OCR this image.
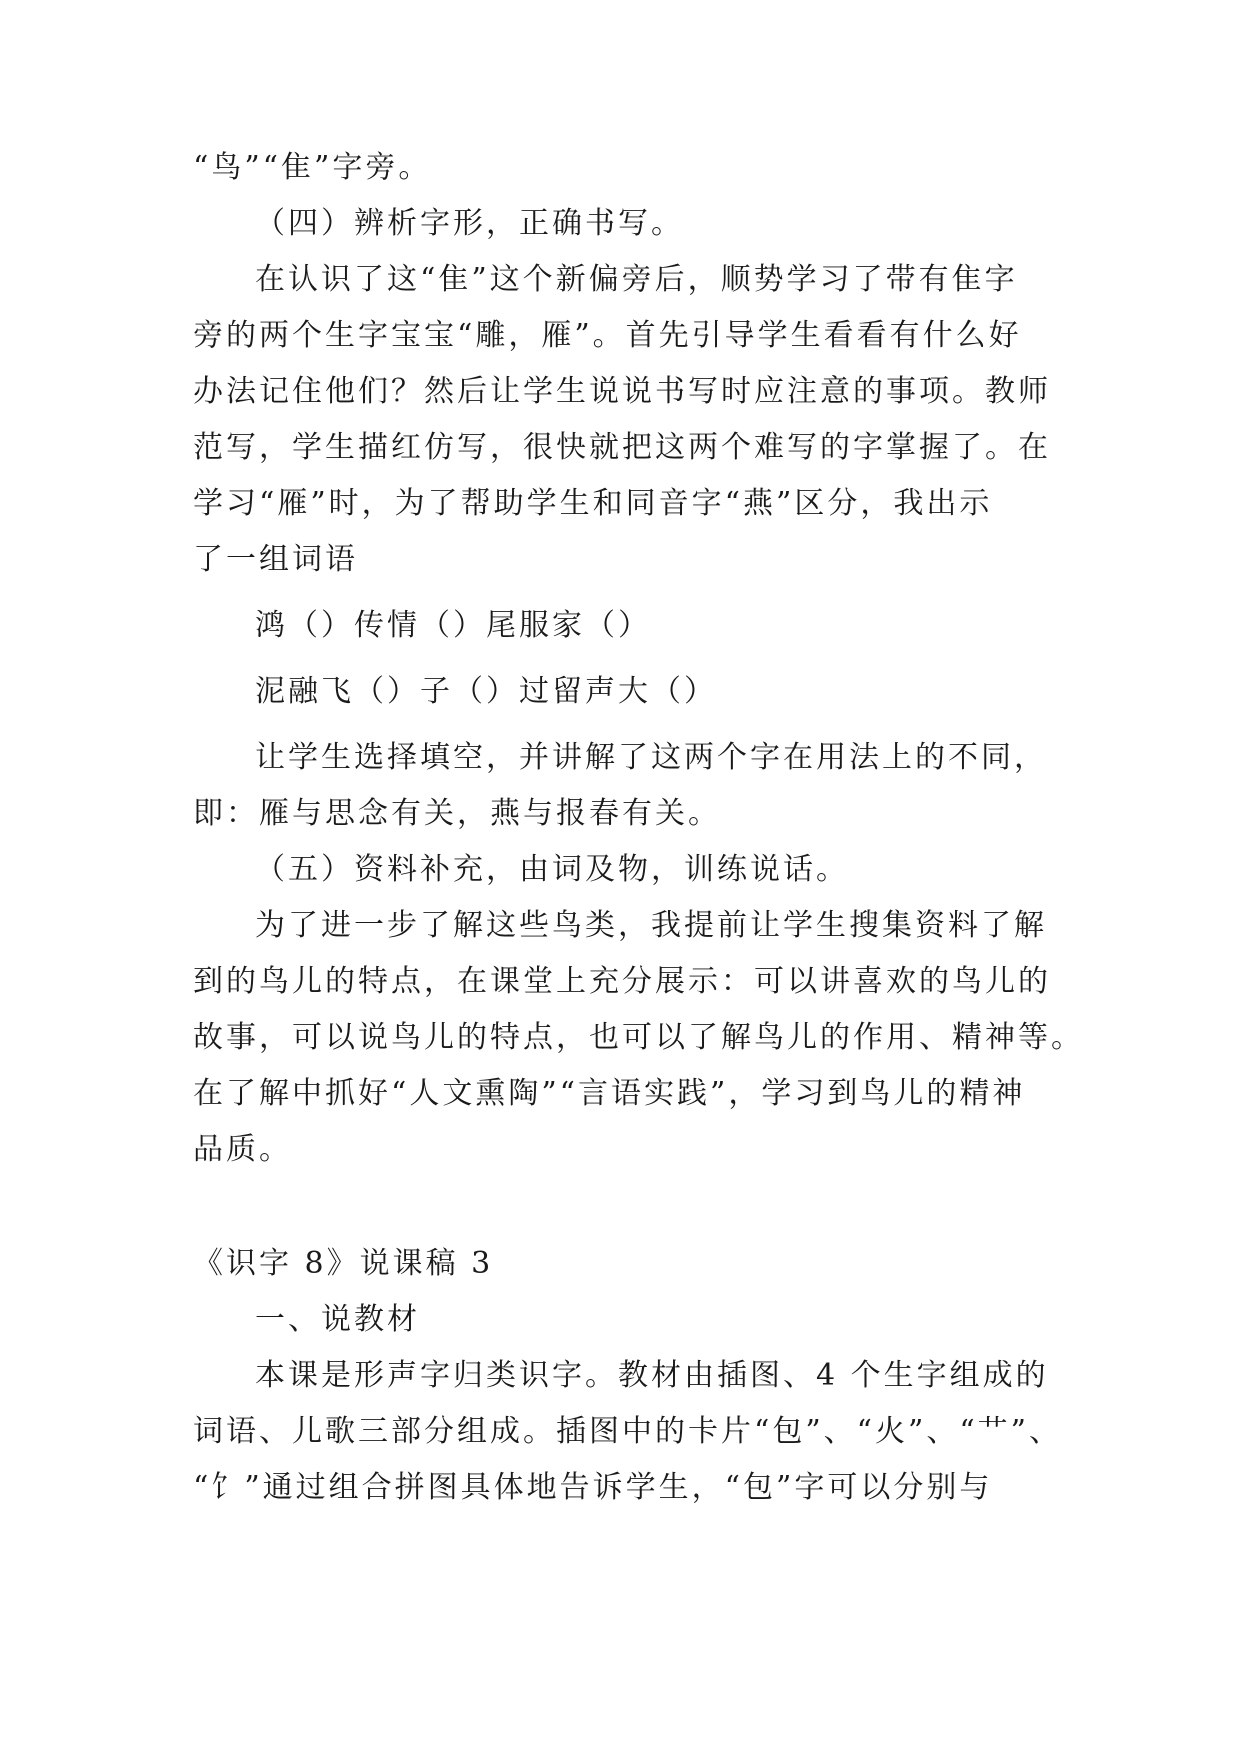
“鸟”“隹”字旁。
（四）辨析字形，正确书写。
在认识了这“隹”这个新偏旁后，顺势学习了带有隹字
旁的两个生字宝宝“雕，雁”。首先引导学生看看有什么好
办法记住他们？然后让学生说说书写时应注意的事项。教师
范写，学生描红仿写，很快就把这两个难写的字掌握了。在
学习“雁”时，为了帮助学生和同音字“燕”区分，我出示
了一组词语
鸿（）传情（）尾服家（）
泥融飞（）子（）过留声大（）
让学生选择填空，并讲解了这两个字在用法上的不同，
即：雁与思念有关，燕与报春有关。
（五）资料补充，由词及物，训练说话。
为了进一步了解这些鸟类，我提前让学生搜集资料了解
到的鸟儿的特点，在课堂上充分展示：可以讲喜欢的鸟儿的
故事，可以说鸟儿的特点，也可以了解鸟儿的作用、精神等。
在了解中抓好“人文熏陶”“言语实践”，学习到鸟儿的精神
品质。
《识字 8》说课稿 3
一、说教材
本课是形声字归类识字。教材由插图、4 个生字组成的
词语、儿歌三部分组成。插图中的卡片“包”、“火”、“艹”、
“饣”通过组合拼图具体地告诉学生，“包”字可以分别与
